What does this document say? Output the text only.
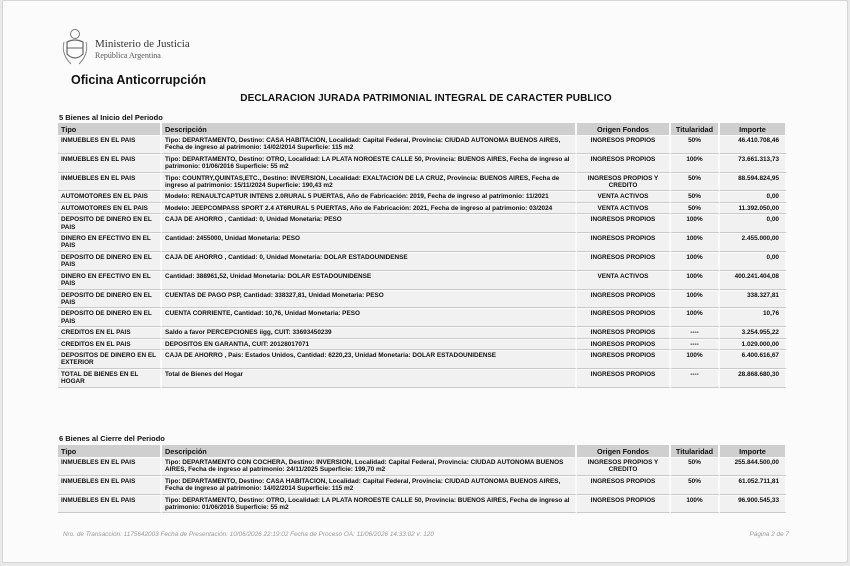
Ministerio de Justicia
República Argentina
Oficina Anticorrupción
DECLARACION JURADA PATRIMONIAL INTEGRAL DE CARACTER PUBLICO
5 Bienes al Inicio del Periodo
Tipo	Descripción	Origen Fondos	Titularidad	Importe
INMUEBLES EN EL PAIS	Tipo: DEPARTAMENTO, Destino: CASA HABITACION, Localidad: Capital Federal, Provincia: CIUDAD AUTONOMA BUENOS AIRES, Fecha de ingreso al patrimonio: 14/02/2014 Superficie: 115 m2	INGRESOS PROPIOS	50%	46.410.708,46
INMUEBLES EN EL PAIS	Tipo: DEPARTAMENTO, Destino: OTRO, Localidad: LA PLATA NOROESTE CALLE 50, Provincia: BUENOS AIRES, Fecha de ingreso al patrimonio: 01/06/2016 Superficie: 55 m2	INGRESOS PROPIOS	100%	73.661.313,73
INMUEBLES EN EL PAIS	Tipo: COUNTRY,QUINTAS,ETC., Destino: INVERSION, Localidad: EXALTACION DE LA CRUZ, Provincia: BUENOS AIRES, Fecha de ingreso al patrimonio: 15/11/2024 Superficie: 190,43 m2	INGRESOS PROPIOS Y CREDITO	50%	88.594.824,95
AUTOMOTORES EN EL PAIS	Modelo: RENAULTCAPTUR INTENS 2.0RURAL 5 PUERTAS, Año de Fabricación: 2019, Fecha de ingreso al patrimonio: 11/2021	VENTA ACTIVOS	50%	0,00
AUTOMOTORES EN EL PAIS	Modelo: JEEPCOMPASS SPORT 2.4 AT6RURAL 5 PUERTAS, Año de Fabricación: 2021, Fecha de ingreso al patrimonio: 03/2024	VENTA ACTIVOS	50%	11.392.050,00
DEPOSITO DE DINERO EN EL PAIS	CAJA DE AHORRO , Cantidad: 0, Unidad Monetaria: PESO	INGRESOS PROPIOS	100%	0,00
DINERO EN EFECTIVO EN EL PAIS	Cantidad: 2455000, Unidad Monetaria: PESO	INGRESOS PROPIOS	100%	2.455.000,00
DEPOSITO DE DINERO EN EL PAIS	CAJA DE AHORRO , Cantidad: 0, Unidad Monetaria: DOLAR ESTADOUNIDENSE	INGRESOS PROPIOS	100%	0,00
DINERO EN EFECTIVO EN EL PAIS	Cantidad: 388961,52, Unidad Monetaria: DOLAR ESTADOUNIDENSE	VENTA ACTIVOS	100%	400.241.404,08
DEPOSITO DE DINERO EN EL PAIS	CUENTAS DE PAGO PSP, Cantidad: 338327,81, Unidad Monetaria: PESO	INGRESOS PROPIOS	100%	338.327,81
DEPOSITO DE DINERO EN EL PAIS	CUENTA CORRIENTE, Cantidad: 10,76, Unidad Monetaria: PESO	INGRESOS PROPIOS	100%	10,76
CREDITOS EN EL PAIS	Saldo a favor PERCEPCIONES iigg, CUIT: 33693450239	INGRESOS PROPIOS	----	3.254.955,22
CREDITOS EN EL PAIS	DEPOSITOS EN GARANTIA, CUIT: 20128017071	INGRESOS PROPIOS	----	1.029.000,00
DEPOSITOS DE DINERO EN EL EXTERIOR	CAJA DE AHORRO , Pais: Estados Unidos, Cantidad: 6220,23, Unidad Monetaria: DOLAR ESTADOUNIDENSE	INGRESOS PROPIOS	100%	6.400.616,67
TOTAL DE BIENES EN EL HOGAR	Total de Bienes del Hogar	INGRESOS PROPIOS	----	28.868.680,30
6 Bienes al Cierre del Periodo
Tipo	Descripción	Origen Fondos	Titularidad	Importe
INMUEBLES EN EL PAIS	Tipo: DEPARTAMENTO CON COCHERA, Destino: INVERSION, Localidad: Capital Federal, Provincia: CIUDAD AUTONOMA BUENOS AIRES, Fecha de ingreso al patrimonio: 24/11/2025 Superficie: 199,70 m2	INGRESOS PROPIOS Y CREDITO	50%	255.844.500,00
INMUEBLES EN EL PAIS	Tipo: DEPARTAMENTO, Destino: CASA HABITACION, Localidad: Capital Federal, Provincia: CIUDAD AUTONOMA BUENOS AIRES, Fecha de ingreso al patrimonio: 14/02/2014 Superficie: 115 m2	INGRESOS PROPIOS	50%	61.052.711,81
INMUEBLES EN EL PAIS	Tipo: DEPARTAMENTO, Destino: OTRO, Localidad: LA PLATA NOROESTE CALLE 50, Provincia: BUENOS AIRES, Fecha de ingreso al patrimonio: 01/06/2016 Superficie: 55 m2	INGRESOS PROPIOS	100%	96.900.545,33
Nro. de Transacción: 1175642003 Fecha de Presentación: 10/06/2026 22:19:02 Fecha de Proceso OA: 11/06/2026 14:33:02 v: 120	Página 2 de 7
